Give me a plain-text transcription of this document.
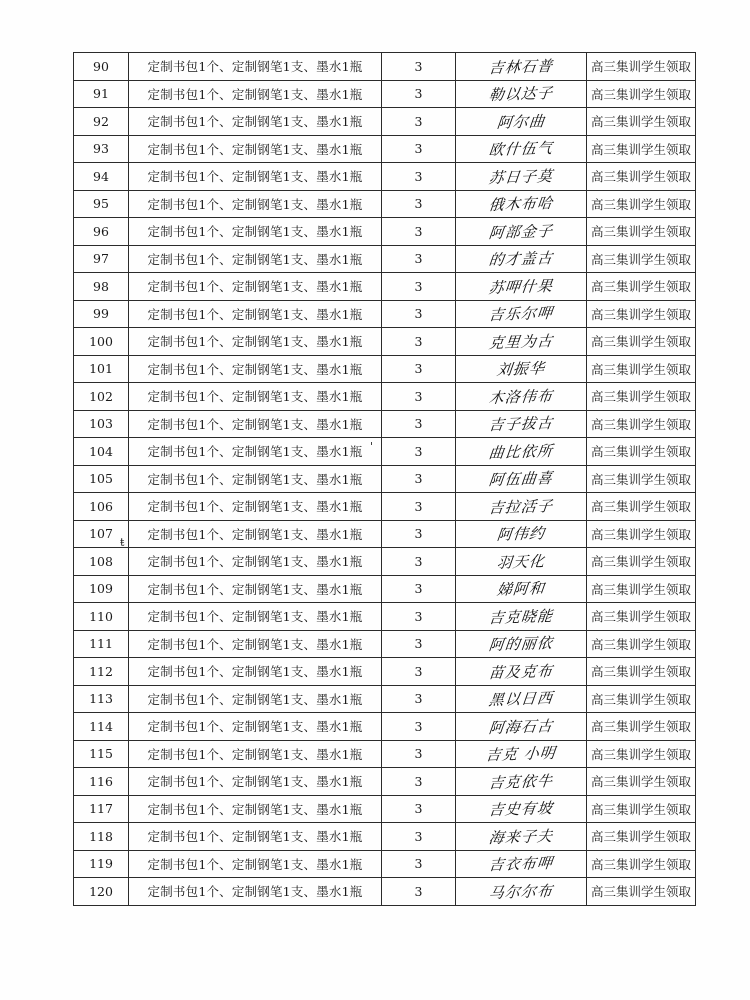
90	定制书包1个、定制钢笔1支、墨水1瓶	3	吉林石普	高三集训学生领取
91	定制书包1个、定制钢笔1支、墨水1瓶	3	勒以达子	高三集训学生领取
92	定制书包1个、定制钢笔1支、墨水1瓶	3	阿尔曲	高三集训学生领取
93	定制书包1个、定制钢笔1支、墨水1瓶	3	欧什伍气	高三集训学生领取
94	定制书包1个、定制钢笔1支、墨水1瓶	3	苏日子莫	高三集训学生领取
95	定制书包1个、定制钢笔1支、墨水1瓶	3	俄木布哈	高三集训学生领取
96	定制书包1个、定制钢笔1支、墨水1瓶	3	阿部金子	高三集训学生领取
97	定制书包1个、定制钢笔1支、墨水1瓶	3	的才盖古	高三集训学生领取
98	定制书包1个、定制钢笔1支、墨水1瓶	3	苏呷什果	高三集训学生领取
99	定制书包1个、定制钢笔1支、墨水1瓶	3	吉乐尔呷	高三集训学生领取
100	定制书包1个、定制钢笔1支、墨水1瓶	3	克里为古	高三集训学生领取
101	定制书包1个、定制钢笔1支、墨水1瓶	3	刘振华	高三集训学生领取
102	定制书包1个、定制钢笔1支、墨水1瓶	3	木洛伟布	高三集训学生领取
103	定制书包1个、定制钢笔1支、墨水1瓶	3	吉子拔古	高三集训学生领取
104	定制书包1个、定制钢笔1支、墨水1瓶	3	曲比依所	高三集训学生领取
105	定制书包1个、定制钢笔1支、墨水1瓶	3	阿伍曲喜	高三集训学生领取
106	定制书包1个、定制钢笔1支、墨水1瓶	3	吉拉活子	高三集训学生领取
107	定制书包1个、定制钢笔1支、墨水1瓶	3	阿伟约	高三集训学生领取
108	定制书包1个、定制钢笔1支、墨水1瓶	3	羽天化	高三集训学生领取
109	定制书包1个、定制钢笔1支、墨水1瓶	3	娣阿和	高三集训学生领取
110	定制书包1个、定制钢笔1支、墨水1瓶	3	吉克晓能	高三集训学生领取
111	定制书包1个、定制钢笔1支、墨水1瓶	3	阿的丽依	高三集训学生领取
112	定制书包1个、定制钢笔1支、墨水1瓶	3	苗及克布	高三集训学生领取
113	定制书包1个、定制钢笔1支、墨水1瓶	3	黑以日西	高三集训学生领取
114	定制书包1个、定制钢笔1支、墨水1瓶	3	阿海石古	高三集训学生领取
115	定制书包1个、定制钢笔1支、墨水1瓶	3	吉克 小明	高三集训学生领取
116	定制书包1个、定制钢笔1支、墨水1瓶	3	吉克依牛	高三集训学生领取
117	定制书包1个、定制钢笔1支、墨水1瓶	3	吉史有坡	高三集训学生领取
118	定制书包1个、定制钢笔1支、墨水1瓶	3	海来子夫	高三集训学生领取
119	定制书包1个、定制钢笔1支、墨水1瓶	3	吉衣布呷	高三集训学生领取
120	定制书包1个、定制钢笔1支、墨水1瓶	3	马尔尔布	高三集训学生领取
'
ŧ
